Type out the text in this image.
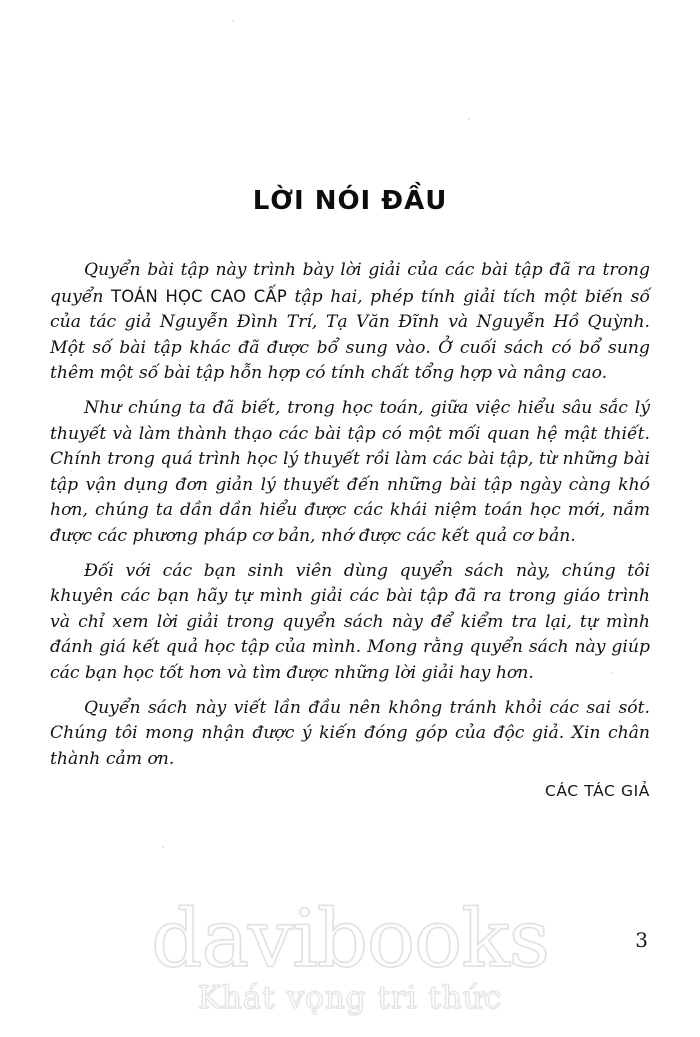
LỜI NÓI ĐẦU

Quyển bài tập này trình bày lời giải của các bài tập đã ra trong quyển TOÁN HỌC CAO CẤP tập hai, phép tính giải tích một biến số của tác giả Nguyễn Đình Trí, Tạ Văn Đĩnh và Nguyễn Hồ Quỳnh. Một số bài tập khác đã được bổ sung vào. Ở cuối sách có bổ sung thêm một số bài tập hỗn hợp có tính chất tổng hợp và nâng cao.

Như chúng ta đã biết, trong học toán, giữa việc hiểu sâu sắc lý thuyết và làm thành thạo các bài tập có một mối quan hệ mật thiết. Chính trong quá trình học lý thuyết rồi làm các bài tập, từ những bài tập vận dụng đơn giản lý thuyết đến những bài tập ngày càng khó hơn, chúng ta dần dần hiểu được các khái niệm toán học mới, nắm được các phương pháp cơ bản, nhớ được các kết quả cơ bản.

Đối với các bạn sinh viên dùng quyển sách này, chúng tôi khuyên các bạn hãy tự mình giải các bài tập đã ra trong giáo trình và chỉ xem lời giải trong quyển sách này để kiểm tra lại, tự mình đánh giá kết quả học tập của mình. Mong rằng quyển sách này giúp các bạn học tốt hơn và tìm được những lời giải hay hơn.

Quyển sách này viết lần đầu nên không tránh khỏi các sai sót. Chúng tôi mong nhận được ý kiến đóng góp của độc giả. Xin chân thành cảm ơn.

CÁC TÁC GIẢ
3
davibooks
Khát vọng tri thức
